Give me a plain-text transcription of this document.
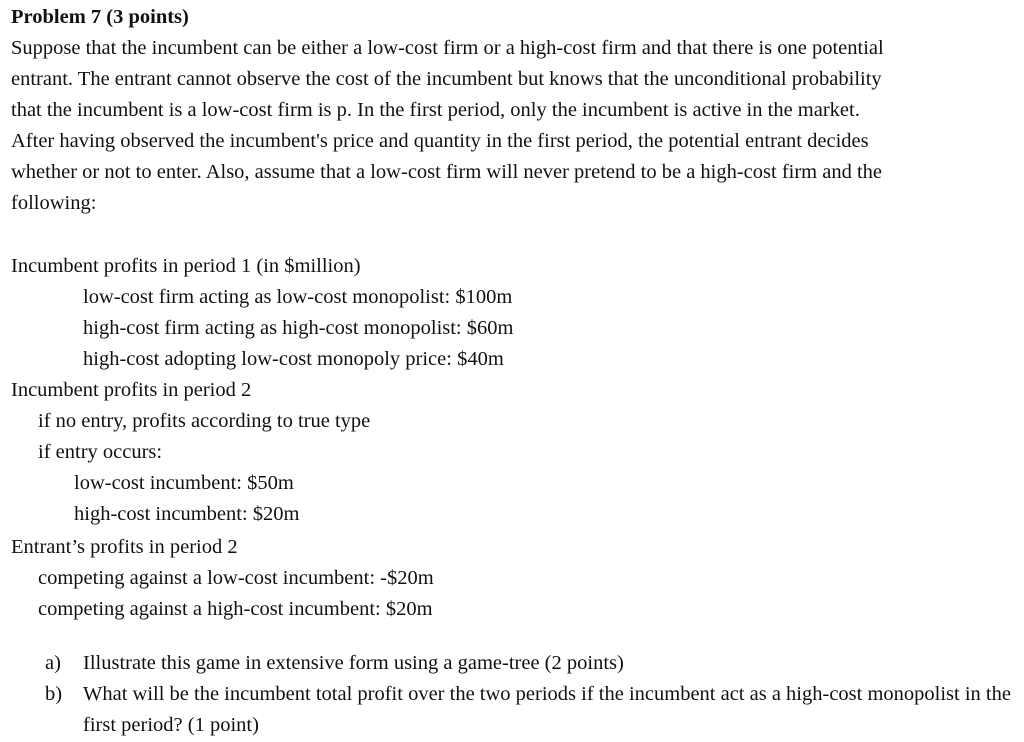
Problem 7 (3 points)
Suppose that the incumbent can be either a low-cost firm or a high-cost firm and that there is one potential
entrant. The entrant cannot observe the cost of the incumbent but knows that the unconditional probability
that the incumbent is a low-cost firm is p. In the first period, only the incumbent is active in the market.
After having observed the incumbent's price and quantity in the first period, the potential entrant decides
whether or not to enter. Also, assume that a low-cost firm will never pretend to be a high-cost firm and the
following:
Incumbent profits in period 1 (in $million)
low-cost firm acting as low-cost monopolist: $100m
high-cost firm acting as high-cost monopolist: $60m
high-cost adopting low-cost monopoly price: $40m
Incumbent profits in period 2
if no entry, profits according to true type
if entry occurs:
low-cost incumbent: $50m
high-cost incumbent: $20m
Entrant’s profits in period 2
competing against a low-cost incumbent: -$20m
competing against a high-cost incumbent: $20m
a) Illustrate this game in extensive form using a game-tree (2 points)
b) What will be the incumbent total profit over the two periods if the incumbent act as a high-cost monopolist in the first period? (1 point)
